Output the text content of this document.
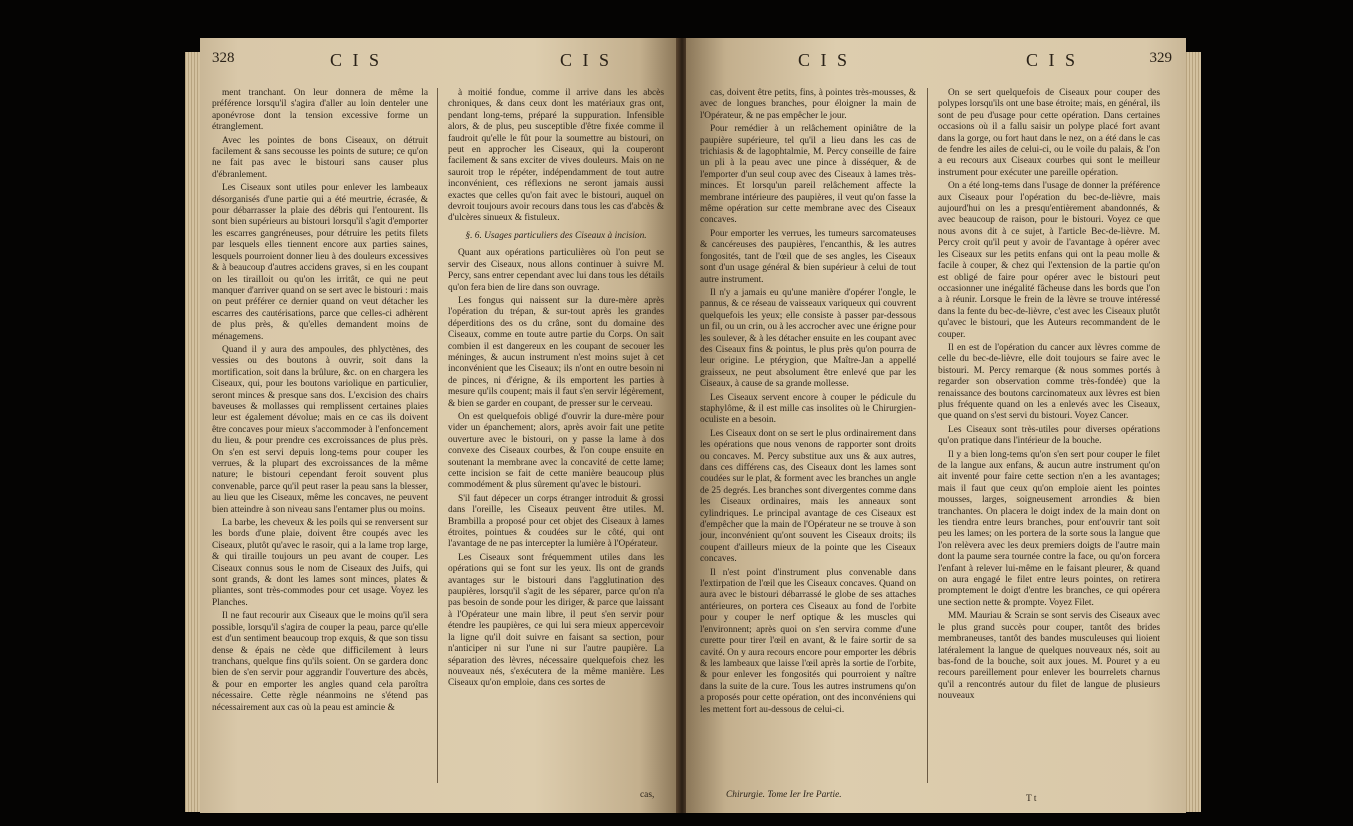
328	C I S	C I S

ment tranchant. On leur donnera de même la préférence lorsqu'il s'agira d'aller au loin denteler une aponévrose dont la tension excessive forme un étranglement.

Avec les pointes de bons Ciseaux, on détruit facilement & sans secousse les points de suture; ce qu'on ne fait pas avec le bistouri sans causer plus d'ébranlement.

Les Ciseaux sont utiles pour enlever les lambeaux désorganisés d'une partie qui a été meurtrie, écrasée, & pour débarrasser la plaie des débris qui l'entourent. Ils sont bien supérieurs au bistouri lorsqu'il s'agit d'emporter les escarres gangréneuses, pour détruire les petits filets par lesquels elles tiennent encore aux parties saines, lesquels pourroient donner lieu à des douleurs excessives & à beaucoup d'autres accidens graves, si en les coupant on les tirailloit ou qu'on les irritât, ce qui ne peut manquer d'arriver quand on se sert avec le bistouri : mais on peut préférer ce dernier quand on veut détacher les escarres des cautérisations, parce que celles-ci adhèrent de plus près, & qu'elles demandent moins de ménagemens.

Quand il y aura des ampoules, des phlyctènes, des vessies ou des boutons à ouvrir, soit dans la mortification, soit dans la brûlure, &c. on en chargera les Ciseaux, qui, pour les boutons variolique en particulier, seront minces & presque sans dos. L'excision des chairs baveuses & mollasses qui remplissent certaines plaies leur est également dévolue; mais en ce cas ils doivent être concaves pour mieux s'accommoder à l'enfoncement du lieu, & pour prendre ces excroissances de plus près. On s'en est servi depuis long-tems pour couper les verrues, & la plupart des excroissances de la même nature; le bistouri cependant feroit souvent plus convenable, parce qu'il peut raser la peau sans la blesser, au lieu que les Ciseaux, même les concaves, ne peuvent bien atteindre à son niveau sans l'entamer plus ou moins.

La barbe, les cheveux & les poils qui se renversent sur les bords d'une plaie, doivent être coupés avec les Ciseaux, plutôt qu'avec le rasoir, qui a la lame trop large, & qui tiraille toujours un peu avant de couper. Les Ciseaux connus sous le nom de Ciseaux des Juifs, qui sont grands, & dont les lames sont minces, plates & pliantes, sont très-commodes pour cet usage. Voyez les Planches.

Il ne faut recourir aux Ciseaux que le moins qu'il sera possible, lorsqu'il s'agira de couper la peau, parce qu'elle est d'un sentiment beaucoup trop exquis, & que son tissu dense & épais ne cède que difficilement à leurs tranchans, quelque fins qu'ils soient. On se gardera donc bien de s'en servir pour aggrandir l'ouverture des abcès, & pour en emporter les angles quand cela paroîtra nécessaire. Cette règle néanmoins ne s'étend pas nécessairement aux cas où la peau est amincie &

à moitié fondue, comme il arrive dans les abcès chroniques, & dans ceux dont les matériaux gras ont, pendant long-tems, préparé la suppuration. Infensible alors, & de plus, peu susceptible d'être fixée comme il faudroit qu'elle le fût pour la soumettre au bistouri, on peut en approcher les Ciseaux, qui la couperont facilement & sans exciter de vives douleurs. Mais on ne sauroit trop le répéter, indépendamment de tout autre inconvénient, ces réflexions ne seront jamais aussi exactes que celles qu'on fait avec le bistouri, auquel on devroit toujours avoir recours dans tous les cas d'abcès & d'ulcères sinueux & fistuleux.

§. 6. Usages particuliers des Ciseaux à incision.

Quant aux opérations particulières où l'on peut se servir des Ciseaux, nous allons continuer à suivre M. Percy, sans entrer cependant avec lui dans tous les détails qu'on fera bien de lire dans son ouvrage.

Les fongus qui naissent sur la dure-mère après l'opération du trépan, & sur-tout après les grandes déperditions des os du crâne, sont du domaine des Ciseaux, comme en toute autre partie du Corps. On sait combien il est dangereux en les coupant de secouer les méninges, & aucun instrument n'est moins sujet à cet inconvénient que les Ciseaux; ils n'ont en outre besoin ni de pinces, ni d'érigne, & ils emportent les parties à mesure qu'ils coupent; mais il faut s'en servir légèrement, & bien se garder en coupant, de presser sur le cerveau.

On est quelquefois obligé d'ouvrir la dure-mère pour vider un épanchement; alors, après avoir fait une petite ouverture avec le bistouri, on y passe la lame à dos convexe des Ciseaux courbes, & l'on coupe ensuite en soutenant la membrane avec la concavité de cette lame; cette incision se fait de cette manière beaucoup plus commodément & plus sûrement qu'avec le bistouri.

S'il faut dépecer un corps étranger introduit & grossi dans l'oreille, les Ciseaux peuvent être utiles. M. Brambilla a proposé pour cet objet des Ciseaux à lames étroites, pointues & coudées sur le côté, qui ont l'avantage de ne pas intercepter la lumière à l'Opérateur.

Les Ciseaux sont fréquemment utiles dans les opérations qui se font sur les yeux. Ils ont de grands avantages sur le bistouri dans l'agglutination des paupières, lorsqu'il s'agit de les séparer, parce qu'on n'a pas besoin de sonde pour les diriger, & parce que laissant à l'Opérateur une main libre, il peut s'en servir pour étendre les paupières, ce qui lui sera mieux appercevoir la ligne qu'il doit suivre en faisant sa section, pour n'anticiper ni sur l'une ni sur l'autre paupière. La séparation des lèvres, nécessaire quelquefois chez les nouveaux nés, s'exécutera de la même manière. Les Ciseaux qu'on emploie, dans ces sortes de

cas,
C I S	C I S	329

cas, doivent être petits, fins, à pointes très-mousses, & avec de longues branches, pour éloigner la main de l'Opérateur, & ne pas empêcher le jour.

Pour remédier à un relâchement opiniâtre de la paupière supérieure, tel qu'il a lieu dans les cas de trichiasis & de lagophtalmie, M. Percy conseille de faire un pli à la peau avec une pince à disséquer, & de l'emporter d'un seul coup avec des Ciseaux à lames très-minces. Et lorsqu'un pareil relâchement affecte la membrane intérieure des paupières, il veut qu'on fasse la même opération sur cette membrane avec des Ciseaux concaves.

Pour emporter les verrues, les tumeurs sarcomateuses & cancéreuses des paupières, l'encanthis, & les autres fongosités, tant de l'œil que de ses angles, les Ciseaux sont d'un usage général & bien supérieur à celui de tout autre instrument.

Il n'y a jamais eu qu'une manière d'opérer l'ongle, le pannus, & ce réseau de vaisseaux variqueux qui couvrent quelquefois les yeux; elle consiste à passer par-dessous un fil, ou un crin, ou à les accrocher avec une érigne pour les soulever, & à les détacher ensuite en les coupant avec des Ciseaux fins & pointus, le plus près qu'on pourra de leur origine. Le ptérygion, que Maître-Jan a appellé graisseux, ne peut absolument être enlevé que par les Ciseaux, à cause de sa grande mollesse.

Les Ciseaux servent encore à couper le pédicule du staphylôme, & il est mille cas insolites où le Chirurgien-oculiste en a besoin.

Les Ciseaux dont on se sert le plus ordinairement dans les opérations que nous venons de rapporter sont droits ou concaves. M. Percy substitue aux uns & aux autres, dans ces différens cas, des Ciseaux dont les lames sont coudées sur le plat, & forment avec les branches un angle de 25 degrés. Les branches sont divergentes comme dans les Ciseaux ordinaires, mais les anneaux sont cylindriques. Le principal avantage de ces Ciseaux est d'empêcher que la main de l'Opérateur ne se trouve à son jour, inconvénient qu'ont souvent les Ciseaux droits; ils coupent d'ailleurs mieux de la pointe que les Ciseaux concaves.

Il n'est point d'instrument plus convenable dans l'extirpation de l'œil que les Ciseaux concaves. Quand on aura avec le bistouri débarrassé le globe de ses attaches antérieures, on portera ces Ciseaux au fond de l'orbite pour y couper le nerf optique & les muscles qui l'environnent; après quoi on s'en servira comme d'une curette pour tirer l'œil en avant, & le faire sortir de sa cavité. On y aura recours encore pour emporter les débris & les lambeaux que laisse l'œil après la sortie de l'orbite, & pour enlever les fongosités qui pourroient y naître dans la suite de la cure. Tous les autres instrumens qu'on a proposés pour cette opération, ont des inconvéniens qui les mettent fort au-dessous de celui-ci.

On se sert quelquefois de Ciseaux pour couper des polypes lorsqu'ils ont une base étroite; mais, en général, ils sont de peu d'usage pour cette opération. Dans certaines occasions où il a fallu saisir un polype placé fort avant dans la gorge, ou fort haut dans le nez, on a été dans le cas de fendre les ailes de celui-ci, ou le voile du palais, & l'on a eu recours aux Ciseaux courbes qui sont le meilleur instrument pour exécuter une pareille opération.

On a été long-tems dans l'usage de donner la préférence aux Ciseaux pour l'opération du bec-de-lièvre, mais aujourd'hui on les a presqu'entièrement abandonnés, & avec beaucoup de raison, pour le bistouri. Voyez ce que nous avons dit à ce sujet, à l'article Bec-de-lièvre. M. Percy croit qu'il peut y avoir de l'avantage à opérer avec les Ciseaux sur les petits enfans qui ont la peau molle & facile à couper, & chez qui l'extension de la partie qu'on est obligé de faire pour opérer avec le bistouri peut occasionner une inégalité fâcheuse dans les bords que l'on a à réunir. Lorsque le frein de la lèvre se trouve intéressé dans la fente du bec-de-lièvre, c'est avec les Ciseaux plutôt qu'avec le bistouri, que les Auteurs recommandent de le couper.

Il en est de l'opération du cancer aux lèvres comme de celle du bec-de-lièvre, elle doit toujours se faire avec le bistouri. M. Percy remarque (& nous sommes portés à regarder son observation comme très-fondée) que la renaissance des boutons carcinomateux aux lèvres est bien plus fréquente quand on les a enlevés avec les Ciseaux, que quand on s'est servi du bistouri. Voyez Cancer.

Les Ciseaux sont très-utiles pour diverses opérations qu'on pratique dans l'intérieur de la bouche.

Il y a bien long-tems qu'on s'en sert pour couper le filet de la langue aux enfans, & aucun autre instrument qu'on ait inventé pour faire cette section n'en a les avantages; mais il faut que ceux qu'on emploie aient les pointes mousses, larges, soigneusement arrondies & bien tranchantes. On placera le doigt index de la main dont on les tiendra entre leurs branches, pour ent'ouvrir tant soit peu les lames; on les portera de la sorte sous la langue que l'on relèvera avec les deux premiers doigts de l'autre main dont la paume sera tournée contre la face, ou qu'on forcera l'enfant à relever lui-même en le faisant pleurer, & quand on aura engagé le filet entre leurs pointes, on retirera promptement le doigt d'entre les branches, ce qui opérera une section nette & prompte. Voyez Filet.

MM. Mauriau & Scrain se sont servis des Ciseaux avec le plus grand succès pour couper, tantôt des brides membraneuses, tantôt des bandes musculeuses qui lioient latéralement la langue de quelques nouveaux nés, soit au bas-fond de la bouche, soit aux joues. M. Pouret y a eu recours pareillement pour enlever les bourrelets charnus qu'il a rencontrés autour du filet de langue de plusieurs nouveaux

Chirurgie. Tome Ier Ire Partie.	T t
